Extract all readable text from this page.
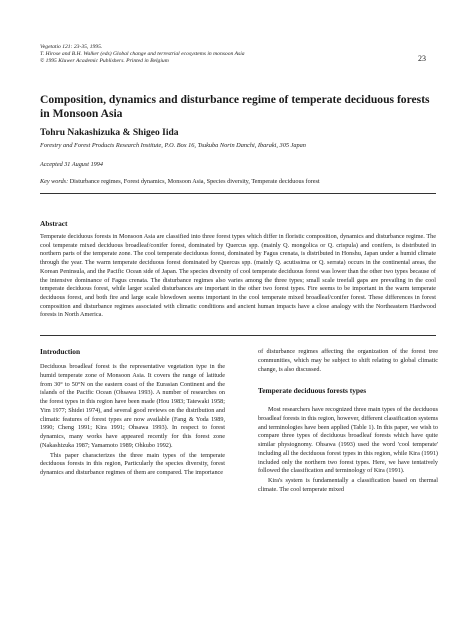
Vegetatio 121: 23-35, 1995.
T. Hirose and B.H. Walker (eds) Global change and terrestrial ecosystems in monsoon Asia
© 1995 Kluwer Academic Publishers. Printed in Belgium	23
Composition, dynamics and disturbance regime of temperate deciduous forests in Monsoon Asia
Tohru Nakashizuka & Shigeo Iida
Forestry and Forest Products Research Institute, P.O. Box 16, Tsukuba Norin Danchi, Ibaraki, 305 Japan
Accepted 31 August 1994
Key words: Disturbance regimes, Forest dynamics, Monsoon Asia, Species diversity, Temperate deciduous forest
Abstract

Temperate deciduous forests in Monsoon Asia are classified into three forest types which differ in floristic composition, dynamics and disturbance regime. The cool temperate mixed deciduous broadleaf/conifer forest, dominated by Quercus spp. (mainly Q. mongolica or Q. crispula) and conifers, is distributed in northern parts of the temperate zone. The cool temperate deciduous forest, dominated by Fagus crenata, is distributed in Honshu, Japan under a humid climate through the year. The warm temperate deciduous forest dominated by Quercus spp. (mainly Q. acutissima or Q. serrata) occurs in the continental areas, the Korean Peninsula, and the Pacific Ocean side of Japan. The species diversity of cool temperate deciduous forest was lower than the other two types because of the intensive dominance of Fagus crenata. The disturbance regimes also varies among the three types; small scale treefall gaps are prevailing in the cool temperate deciduous forest, while larger scaled disturbances are important in the other two forest types. Fire seems to be important in the warm temperate deciduous forest, and both fire and large scale blowdown seems important in the cool temperate mixed broadleaf/conifer forest. These differences in forest composition and disturbance regimes associated with climatic conditions and ancient human impacts have a close analogy with the Northeastern Hardwood forests in North America.

Introduction

Deciduous broadleaf forest is the representative vegetation type in the humid temperate zone of Monsoon Asia. It covers the range of latitude from 30° to 50°N on the eastern coast of the Eurasian Continent and the islands of the Pacific Ocean (Ohsawa 1993). A number of researches on the forest types in this region have been made (Hou 1983; Tatewaki 1958; Yim 1977; Shidei 1974), and several good reviews on the distribution and climatic features of forest types are now available (Fang & Yoda 1989, 1990; Cheng 1991; Kira 1991; Ohsawa 1993). In respect to forest dynamics, many works have appeared recently for this forest zone (Nakashizuka 1987; Yamamoto 1989; Ohkubo 1992).

This paper characterizes the three main types of the temperate deciduous forests in this region, Particularly the species diversity, forest dynamics and disturbance regimes of them are compared. The importance

of disturbance regimes affecting the organization of the forest tree communities, which may be subject to shift relating to global climatic change, is also discussed.

Temperate deciduous forests types

Most researchers have recognized three main types of the deciduous broadleaf forests in this region, however, different classification systems and terminologies have been applied (Table 1). In this paper, we wish to compare three types of deciduous broadleaf forests which have quite similar physiognomy. Ohsawa (1993) used the word 'cool temperate' including all the deciduous forest types in this region, while Kira (1991) included only the northern two forest types. Here, we have tentatively followed the classification and terminology of Kira (1991).

Kira's system is fundamentally a classification based on thermal climate. The cool temperate mixed
